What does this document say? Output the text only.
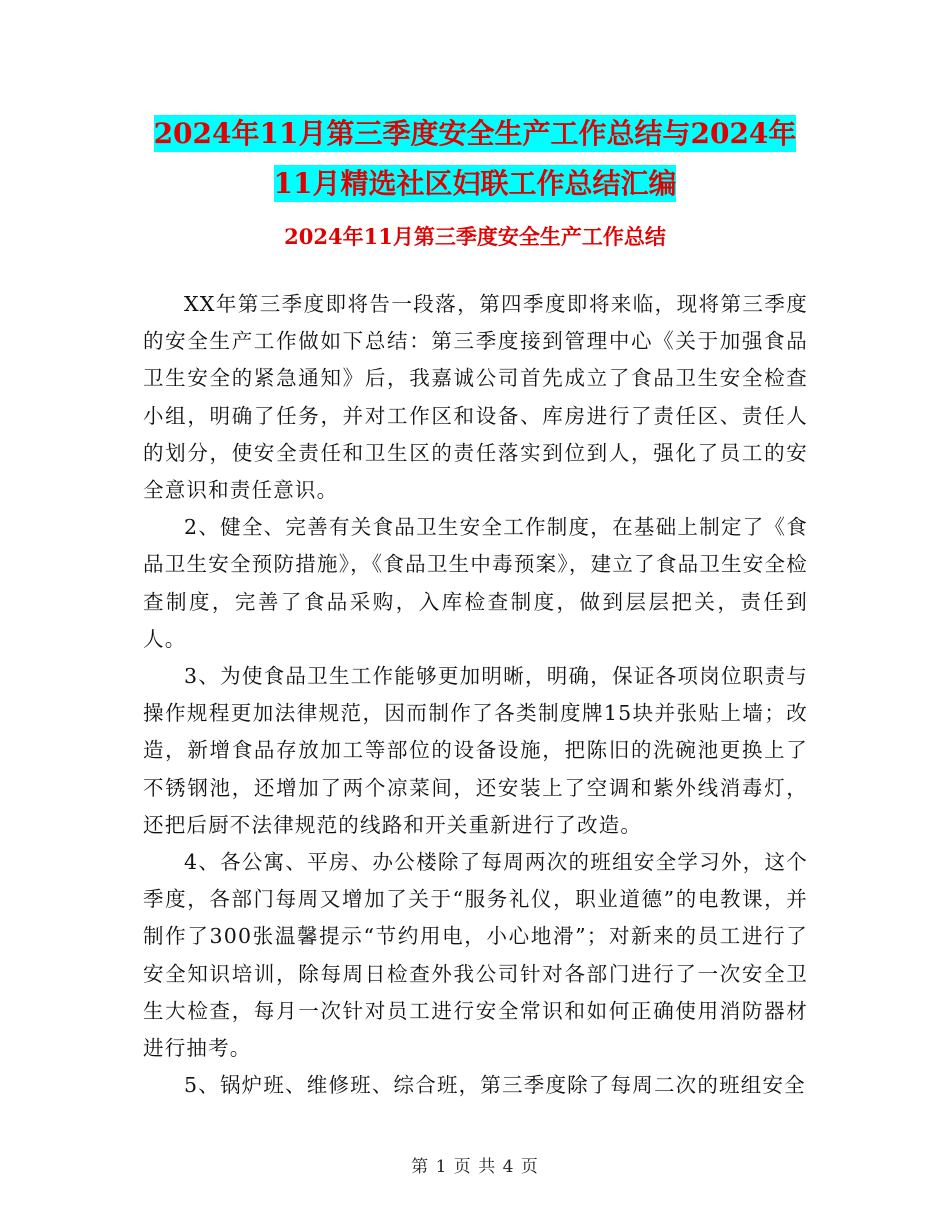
2024年11月第三季度安全生产工作总结与2024年11月精选社区妇联工作总结汇编
2024年11月第三季度安全生产工作总结

XX年第三季度即将告一段落，第四季度即将来临，现将第三季度的安全生产工作做如下总结：第三季度接到管理中心《关于加强食品卫生安全的紧急通知》后，我嘉诚公司首先成立了食品卫生安全检查小组，明确了任务，并对工作区和设备、库房进行了责任区、责任人的划分，使安全责任和卫生区的责任落实到位到人，强化了员工的安全意识和责任意识。

2、健全、完善有关食品卫生安全工作制度，在基础上制定了《食品卫生安全预防措施》，《食品卫生中毒预案》，建立了食品卫生安全检查制度，完善了食品采购，入库检查制度，做到层层把关，责任到人。

3、为使食品卫生工作能够更加明晰，明确，保证各项岗位职责与操作规程更加法律规范，因而制作了各类制度牌15块并张贴上墙；改造，新增食品存放加工等部位的设备设施，把陈旧的洗碗池更换上了不锈钢池，还增加了两个凉菜间，还安装上了空调和紫外线消毒灯，还把后厨不法律规范的线路和开关重新进行了改造。

4、各公寓、平房、办公楼除了每周两次的班组安全学习外，这个季度，各部门每周又增加了关于“服务礼仪，职业道德”的电教课，并制作了300张温馨提示“节约用电，小心地滑”；对新来的员工进行了安全知识培训，除每周日检查外我公司针对各部门进行了一次安全卫生大检查，每月一次针对员工进行安全常识和如何正确使用消防器材进行抽考。

5、锅炉班、维修班、综合班，第三季度除了每周二次的班组安全

第 1 页 共 4 页
